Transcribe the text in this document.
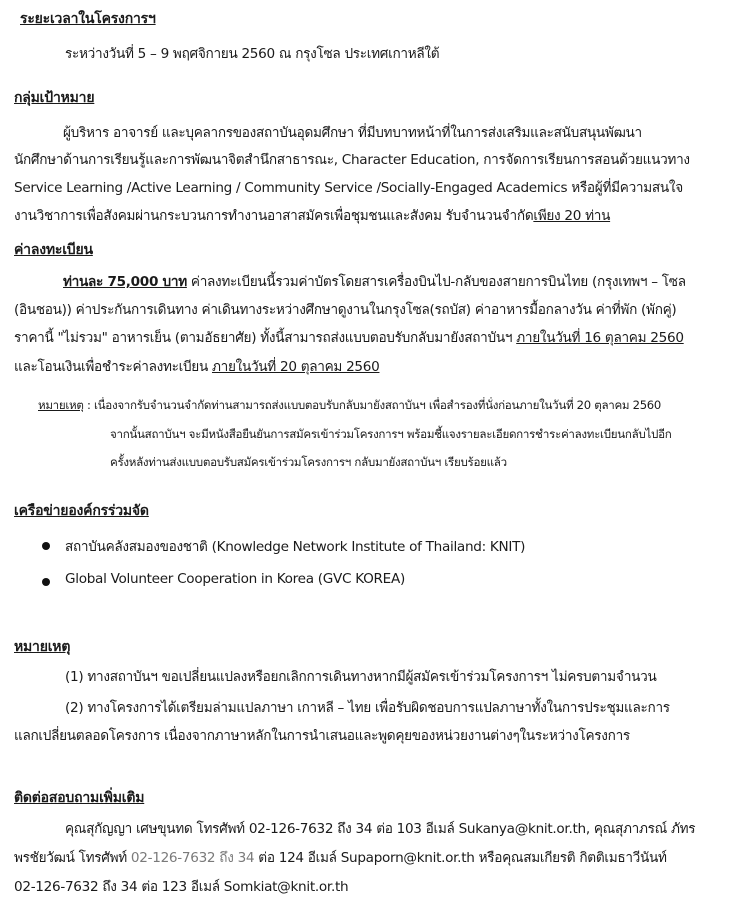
ระยะเวลาในโครงการฯ
ระหว่างวันที่ 5 – 9 พฤศจิกายน 2560 ณ กรุงโซล ประเทศเกาหลีใต้
กลุ่มเป้าหมาย
ผู้บริหาร อาจารย์ และบุคลากรของสถาบันอุดมศึกษา ที่มีบทบาทหน้าที่ในการส่งเสริมและสนับสนุนพัฒนา
นักศึกษาด้านการเรียนรู้และการพัฒนาจิตสำนึกสาธารณะ, Character Education, การจัดการเรียนการสอนด้วยแนวทาง
Service Learning /Active Learning / Community Service /Socially-Engaged Academics หรือผู้ที่มีความสนใจ
งานวิชาการเพื่อสังคมผ่านกระบวนการทำงานอาสาสมัครเพื่อชุมชนและสังคม รับจำนวนจำกัดเพียง 20 ท่าน
ค่าลงทะเบียน
ท่านละ 75,000 บาท ค่าลงทะเบียนนี้รวมค่าบัตรโดยสารเครื่องบินไป-กลับของสายการบินไทย (กรุงเทพฯ – โซล
(อินชอน)) ค่าประกันการเดินทาง ค่าเดินทางระหว่างศึกษาดูงานในกรุงโซล(รถบัส) ค่าอาหารมื้อกลางวัน ค่าที่พัก (พักคู่)
ราคานี้ "ไม่รวม" อาหารเย็น (ตามอัธยาศัย) ทั้งนี้สามารถส่งแบบตอบรับกลับมายังสถาบันฯ ภายในวันที่ 16 ตุลาคม 2560
และโอนเงินเพื่อชำระค่าลงทะเบียน ภายในวันที่ 20 ตุลาคม 2560
หมายเหตุ : เนื่องจากรับจำนวนจำกัดท่านสามารถส่งแบบตอบรับกลับมายังสถาบันฯ เพื่อสำรองที่นั่งก่อนภายในวันที่ 20 ตุลาคม 2560
จากนั้นสถาบันฯ จะมีหนังสือยืนยันการสมัครเข้าร่วมโครงการฯ พร้อมชี้แจงรายละเอียดการชำระค่าลงทะเบียนกลับไปอีก
ครั้งหลังท่านส่งแบบตอบรับสมัครเข้าร่วมโครงการฯ กลับมายังสถาบันฯ เรียบร้อยแล้ว
เครือข่ายองค์กรร่วมจัด
สถาบันคลังสมองของชาติ (Knowledge Network Institute of Thailand: KNIT)
Global Volunteer Cooperation in Korea (GVC KOREA)
หมายเหตุ
(1) ทางสถาบันฯ ขอเปลี่ยนแปลงหรือยกเลิกการเดินทางหากมีผู้สมัครเข้าร่วมโครงการฯ ไม่ครบตามจำนวน
(2) ทางโครงการได้เตรียมล่ามแปลภาษา เกาหลี – ไทย เพื่อรับผิดชอบการแปลภาษาทั้งในการประชุมและการ
แลกเปลี่ยนตลอดโครงการ เนื่องจากภาษาหลักในการนำเสนอและพูดคุยของหน่วยงานต่างๆในระหว่างโครงการ
ติดต่อสอบถามเพิ่มเติม
คุณสุกัญญา เศษขุนทด โทรศัพท์ 02-126-7632 ถึง 34 ต่อ 103 อีเมล์ Sukanya@knit.or.th, คุณสุภาภรณ์ ภัทร
พรชัยวัฒน์ โทรศัพท์ 02-126-7632 ถึง 34 ต่อ 124 อีเมล์ Supaporn@knit.or.th หรือคุณสมเกียรติ กิตติเมธาวีนันท์
02-126-7632 ถึง 34 ต่อ 123 อีเมล์ Somkiat@knit.or.th
